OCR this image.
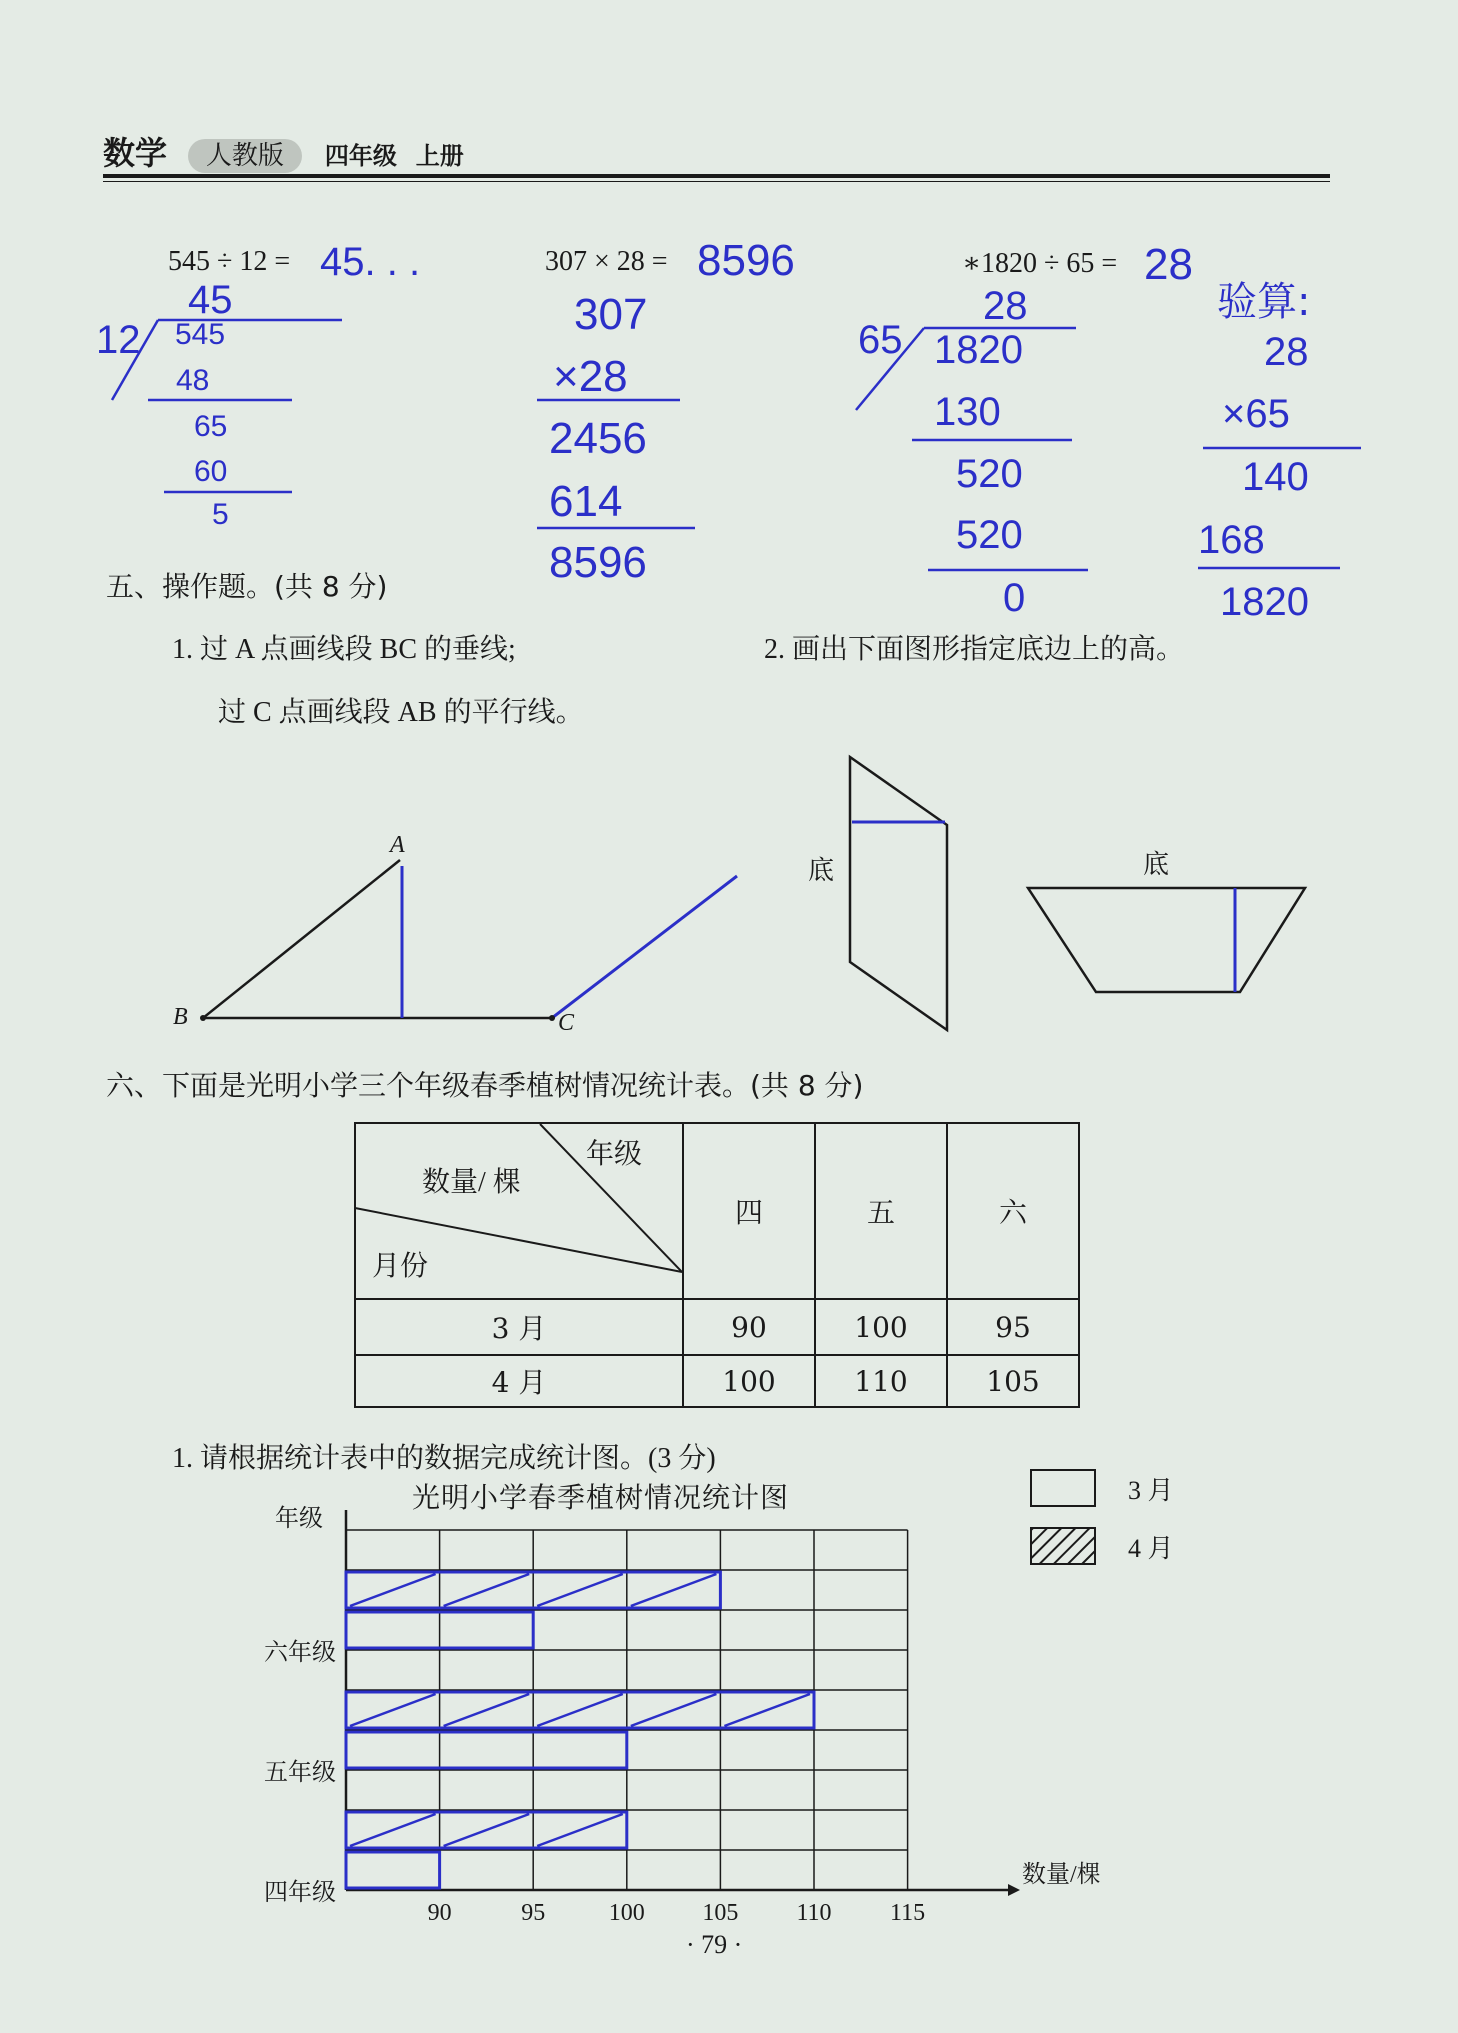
数学 人教版 四年级 上册
545 ÷ 12 = 45. . .
45
12 545
48
65
60
5
307 × 28 = 8596
307
×28
2456
614
8596
∗1820 ÷ 65 = 28
28
65 1820
130
520
520
0
验算:
28
×65
140
168
1820
五、操作题。(共 8 分)
1. 过 A 点画线段 BC 的垂线;
过 C 点画线段 AB 的平行线。
2. 画出下面图形指定底边上的高。
A
B	C
底	底
六、下面是光明小学三个年级春季植树情况统计表。(共 8 分)
年级
数量/ 棵
月份	四	五	六
3 月	90	100	95
4 月	100	110	105
1. 请根据统计表中的数据完成统计图。(3 分)
光明小学春季植树情况统计图
年级
数量/棵
3 月
4 月
· 79 ·
90	95	100 105 110 115
四年级
五年级
六年级
